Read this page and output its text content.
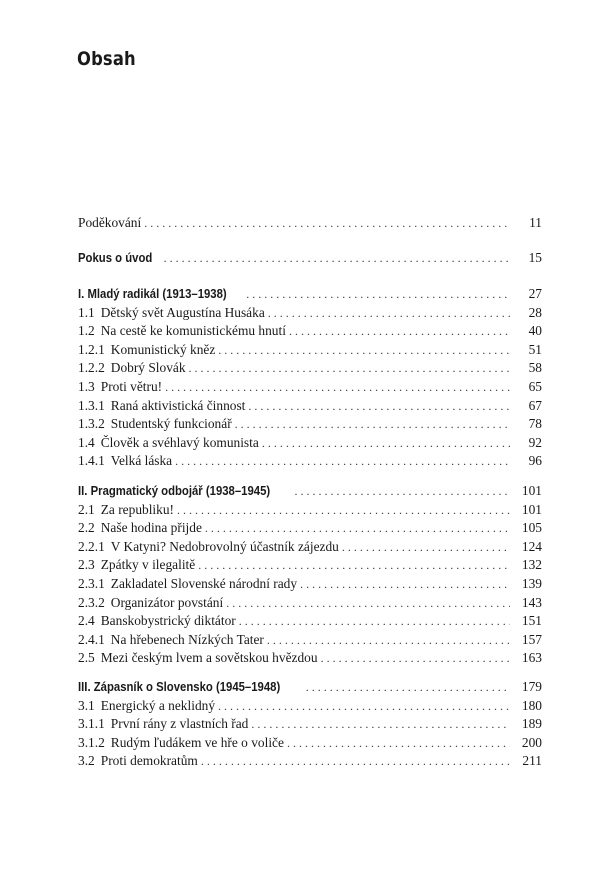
Obsah
Poděkování . . .	11
Pokus o úvod . . .	15
I. Mladý radikál (1913–1938) . . .	27
1.1 Dětský svět Augustína Husáka . . .	28
1.2 Na cestě ke komunistickému hnutí . . .	40
1.2.1 Komunistický kněz . . .	51
1.2.2 Dobrý Slovák . . .	58
1.3 Proti větru! . . .	65
1.3.1 Raná aktivistická činnost . . .	67
1.3.2 Studentský funkcionář . . .	78
1.4 Člověk a svéhlavý komunista . . .	92
1.4.1 Velká láska . . .	96
II. Pragmatický odbojář (1938–1945) . . .	101
2.1 Za republiku! . . .	101
2.2 Naše hodina přijde . . .	105
2.2.1 V Katyni? Nedobrovolný účastník zájezdu . . .	124
2.3 Zpátky v ilegalitě . . .	132
2.3.1 Zakladatel Slovenské národní rady . . .	139
2.3.2 Organizátor povstání . . .	143
2.4 Banskobystrický diktátor . . .	151
2.4.1 Na hřebenech Nízkých Tater . . .	157
2.5 Mezi českým lvem a sovětskou hvězdou . . .	163
III. Zápasník o Slovensko (1945–1948) . . .	179
3.1 Energický a neklidný . . .	180
3.1.1 První rány z vlastních řad . . .	189
3.1.2 Rudým ľudákem ve hře o voliče . . .	200
3.2 Proti demokratům . . .	211
